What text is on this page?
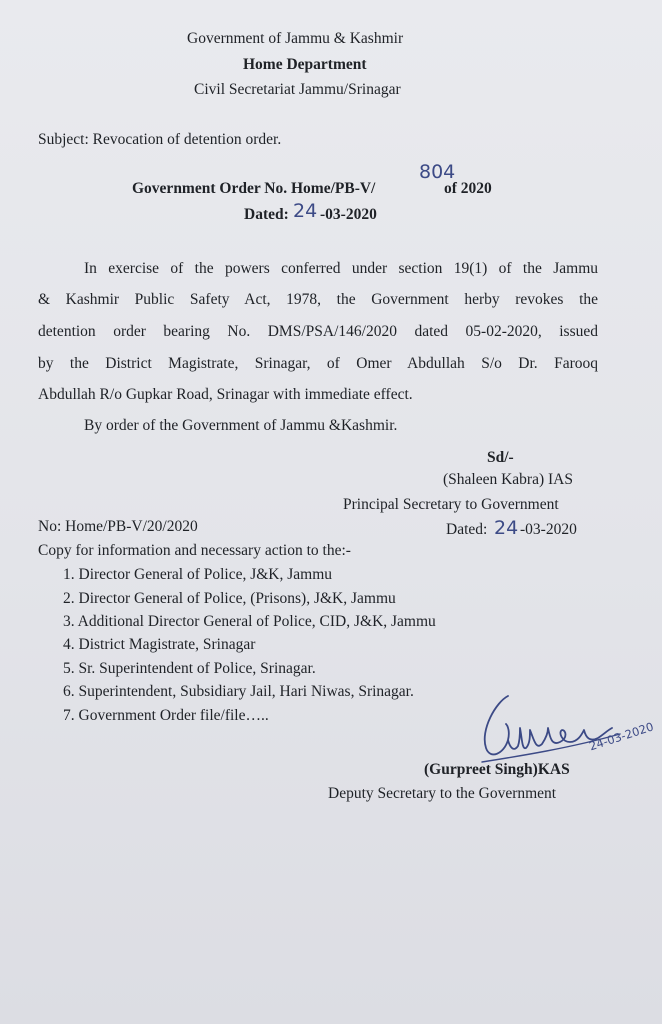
Government of Jammu & Kashmir
Home Department
Civil Secretariat Jammu/Srinagar
Subject: Revocation of detention order.
Government Order No. Home/PB-V/
804
of 2020
Dated: 24 -03-2020
In exercise of the powers conferred under section 19(1) of the Jammu
& Kashmir Public Safety Act, 1978, the Government herby revokes the
detention order bearing No. DMS/PSA/146/2020 dated 05-02-2020, issued
by the District Magistrate, Srinagar, of Omer Abdullah S/o Dr. Farooq
Abdullah R/o Gupkar Road, Srinagar with immediate effect.
By order of the Government of Jammu &Kashmir.
Sd/-
(Shaleen Kabra) IAS
Principal Secretary to Government
No: Home/PB-V/20/2020	Dated: 24 -03-2020
Copy for information and necessary action to the:-
1. Director General of Police, J&K, Jammu
2. Director General of Police, (Prisons), J&K, Jammu
3. Additional Director General of Police, CID, J&K, Jammu
4. District Magistrate, Srinagar
5. Sr. Superintendent of Police, Srinagar.
6. Superintendent, Subsidiary Jail, Hari Niwas, Srinagar.
7. Government Order file/file…..
24-03-2020
(Gurpreet Singh)KAS
Deputy Secretary to the Government
